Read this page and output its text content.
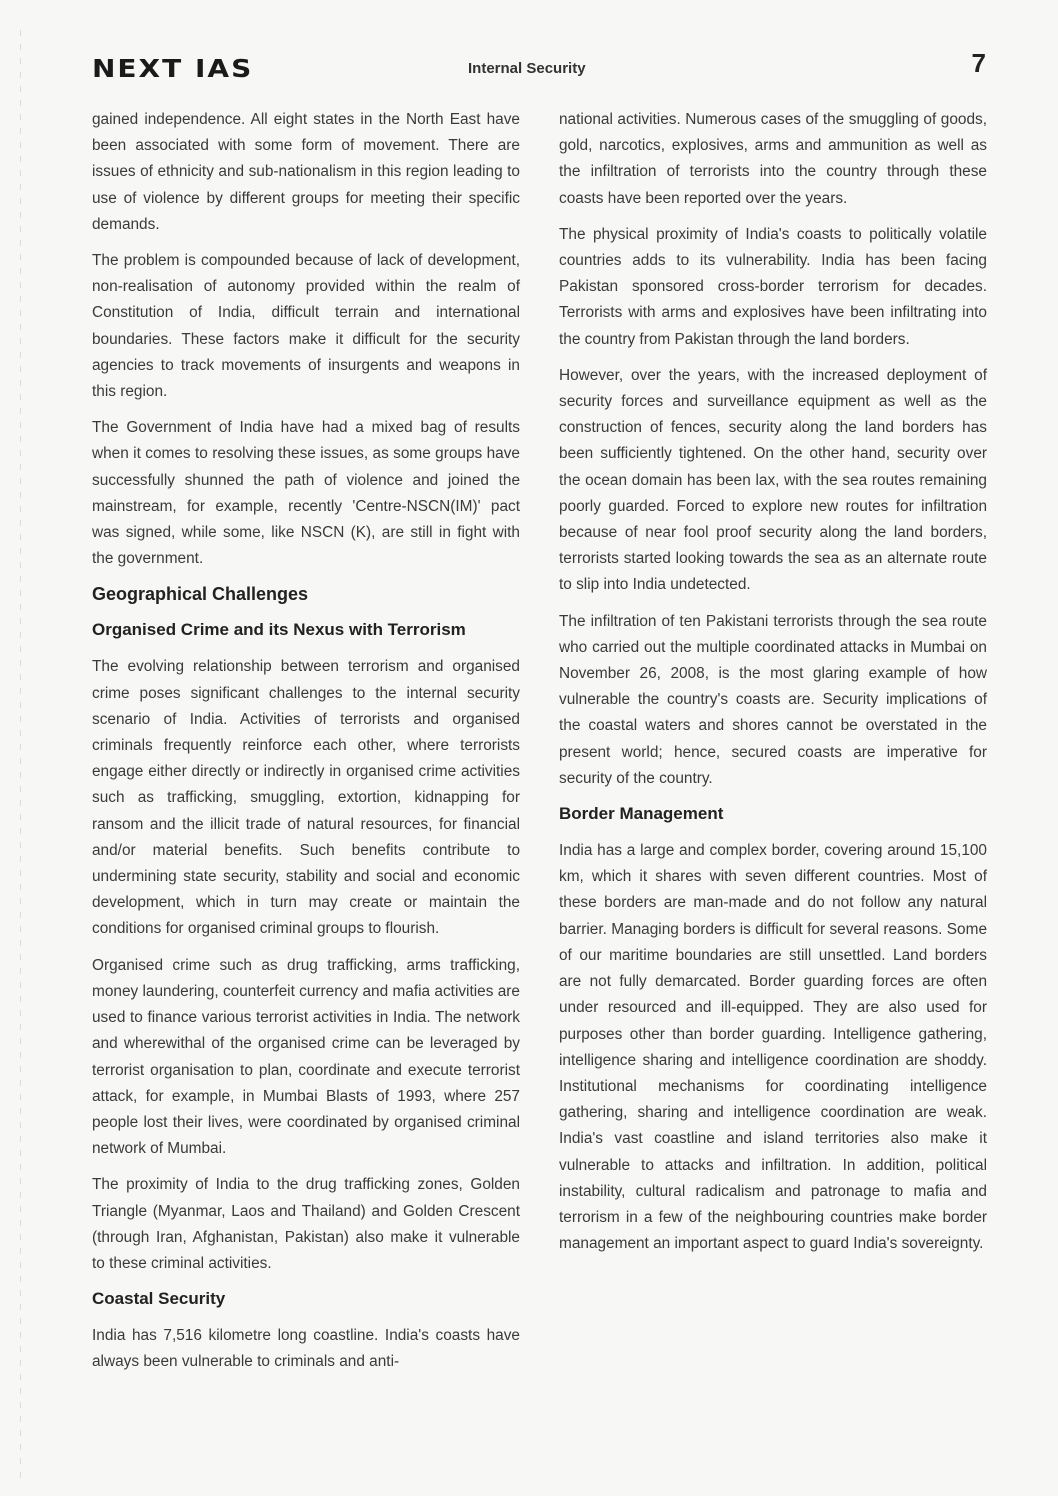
NEXT IAS	Internal Security	7

gained independence. All eight states in the North East have been associated with some form of movement. There are issues of ethnicity and sub-nationalism in this region leading to use of violence by different groups for meeting their specific demands.

The problem is compounded because of lack of development, non-realisation of autonomy provided within the realm of Constitution of India, difficult terrain and international boundaries. These factors make it difficult for the security agencies to track movements of insurgents and weapons in this region.

The Government of India have had a mixed bag of results when it comes to resolving these issues, as some groups have successfully shunned the path of violence and joined the mainstream, for example, recently 'Centre-NSCN(IM)' pact was signed, while some, like NSCN (K), are still in fight with the government.

Geographical Challenges
Organised Crime and its Nexus with Terrorism

The evolving relationship between terrorism and organised crime poses significant challenges to the internal security scenario of India. Activities of terrorists and organised criminals frequently reinforce each other, where terrorists engage either directly or indirectly in organised crime activities such as trafficking, smuggling, extortion, kidnapping for ransom and the illicit trade of natural resources, for financial and/or material benefits. Such benefits contribute to undermining state security, stability and social and economic development, which in turn may create or maintain the conditions for organised criminal groups to flourish.

Organised crime such as drug trafficking, arms trafficking, money laundering, counterfeit currency and mafia activities are used to finance various terrorist activities in India. The network and wherewithal of the organised crime can be leveraged by terrorist organisation to plan, coordinate and execute terrorist attack, for example, in Mumbai Blasts of 1993, where 257 people lost their lives, were coordinated by organised criminal network of Mumbai.

The proximity of India to the drug trafficking zones, Golden Triangle (Myanmar, Laos and Thailand) and Golden Crescent (through Iran, Afghanistan, Pakistan) also make it vulnerable to these criminal activities.

Coastal Security

India has 7,516 kilometre long coastline. India's coasts have always been vulnerable to criminals and anti-

national activities. Numerous cases of the smuggling of goods, gold, narcotics, explosives, arms and ammunition as well as the infiltration of terrorists into the country through these coasts have been reported over the years.

The physical proximity of India's coasts to politically volatile countries adds to its vulnerability. India has been facing Pakistan sponsored cross-border terrorism for decades. Terrorists with arms and explosives have been infiltrating into the country from Pakistan through the land borders.

However, over the years, with the increased deployment of security forces and surveillance equipment as well as the construction of fences, security along the land borders has been sufficiently tightened. On the other hand, security over the ocean domain has been lax, with the sea routes remaining poorly guarded. Forced to explore new routes for infiltration because of near fool proof security along the land borders, terrorists started looking towards the sea as an alternate route to slip into India undetected.

The infiltration of ten Pakistani terrorists through the sea route who carried out the multiple coordinated attacks in Mumbai on November 26, 2008, is the most glaring example of how vulnerable the country's coasts are. Security implications of the coastal waters and shores cannot be overstated in the present world; hence, secured coasts are imperative for security of the country.

Border Management

India has a large and complex border, covering around 15,100 km, which it shares with seven different countries. Most of these borders are man-made and do not follow any natural barrier. Managing borders is difficult for several reasons. Some of our maritime boundaries are still unsettled. Land borders are not fully demarcated. Border guarding forces are often under resourced and ill-equipped. They are also used for purposes other than border guarding. Intelligence gathering, intelligence sharing and intelligence coordination are shoddy. Institutional mechanisms for coordinating intelligence gathering, sharing and intelligence coordination are weak. India's vast coastline and island territories also make it vulnerable to attacks and infiltration. In addition, political instability, cultural radicalism and patronage to mafia and terrorism in a few of the neighbouring countries make border management an important aspect to guard India's sovereignty.
